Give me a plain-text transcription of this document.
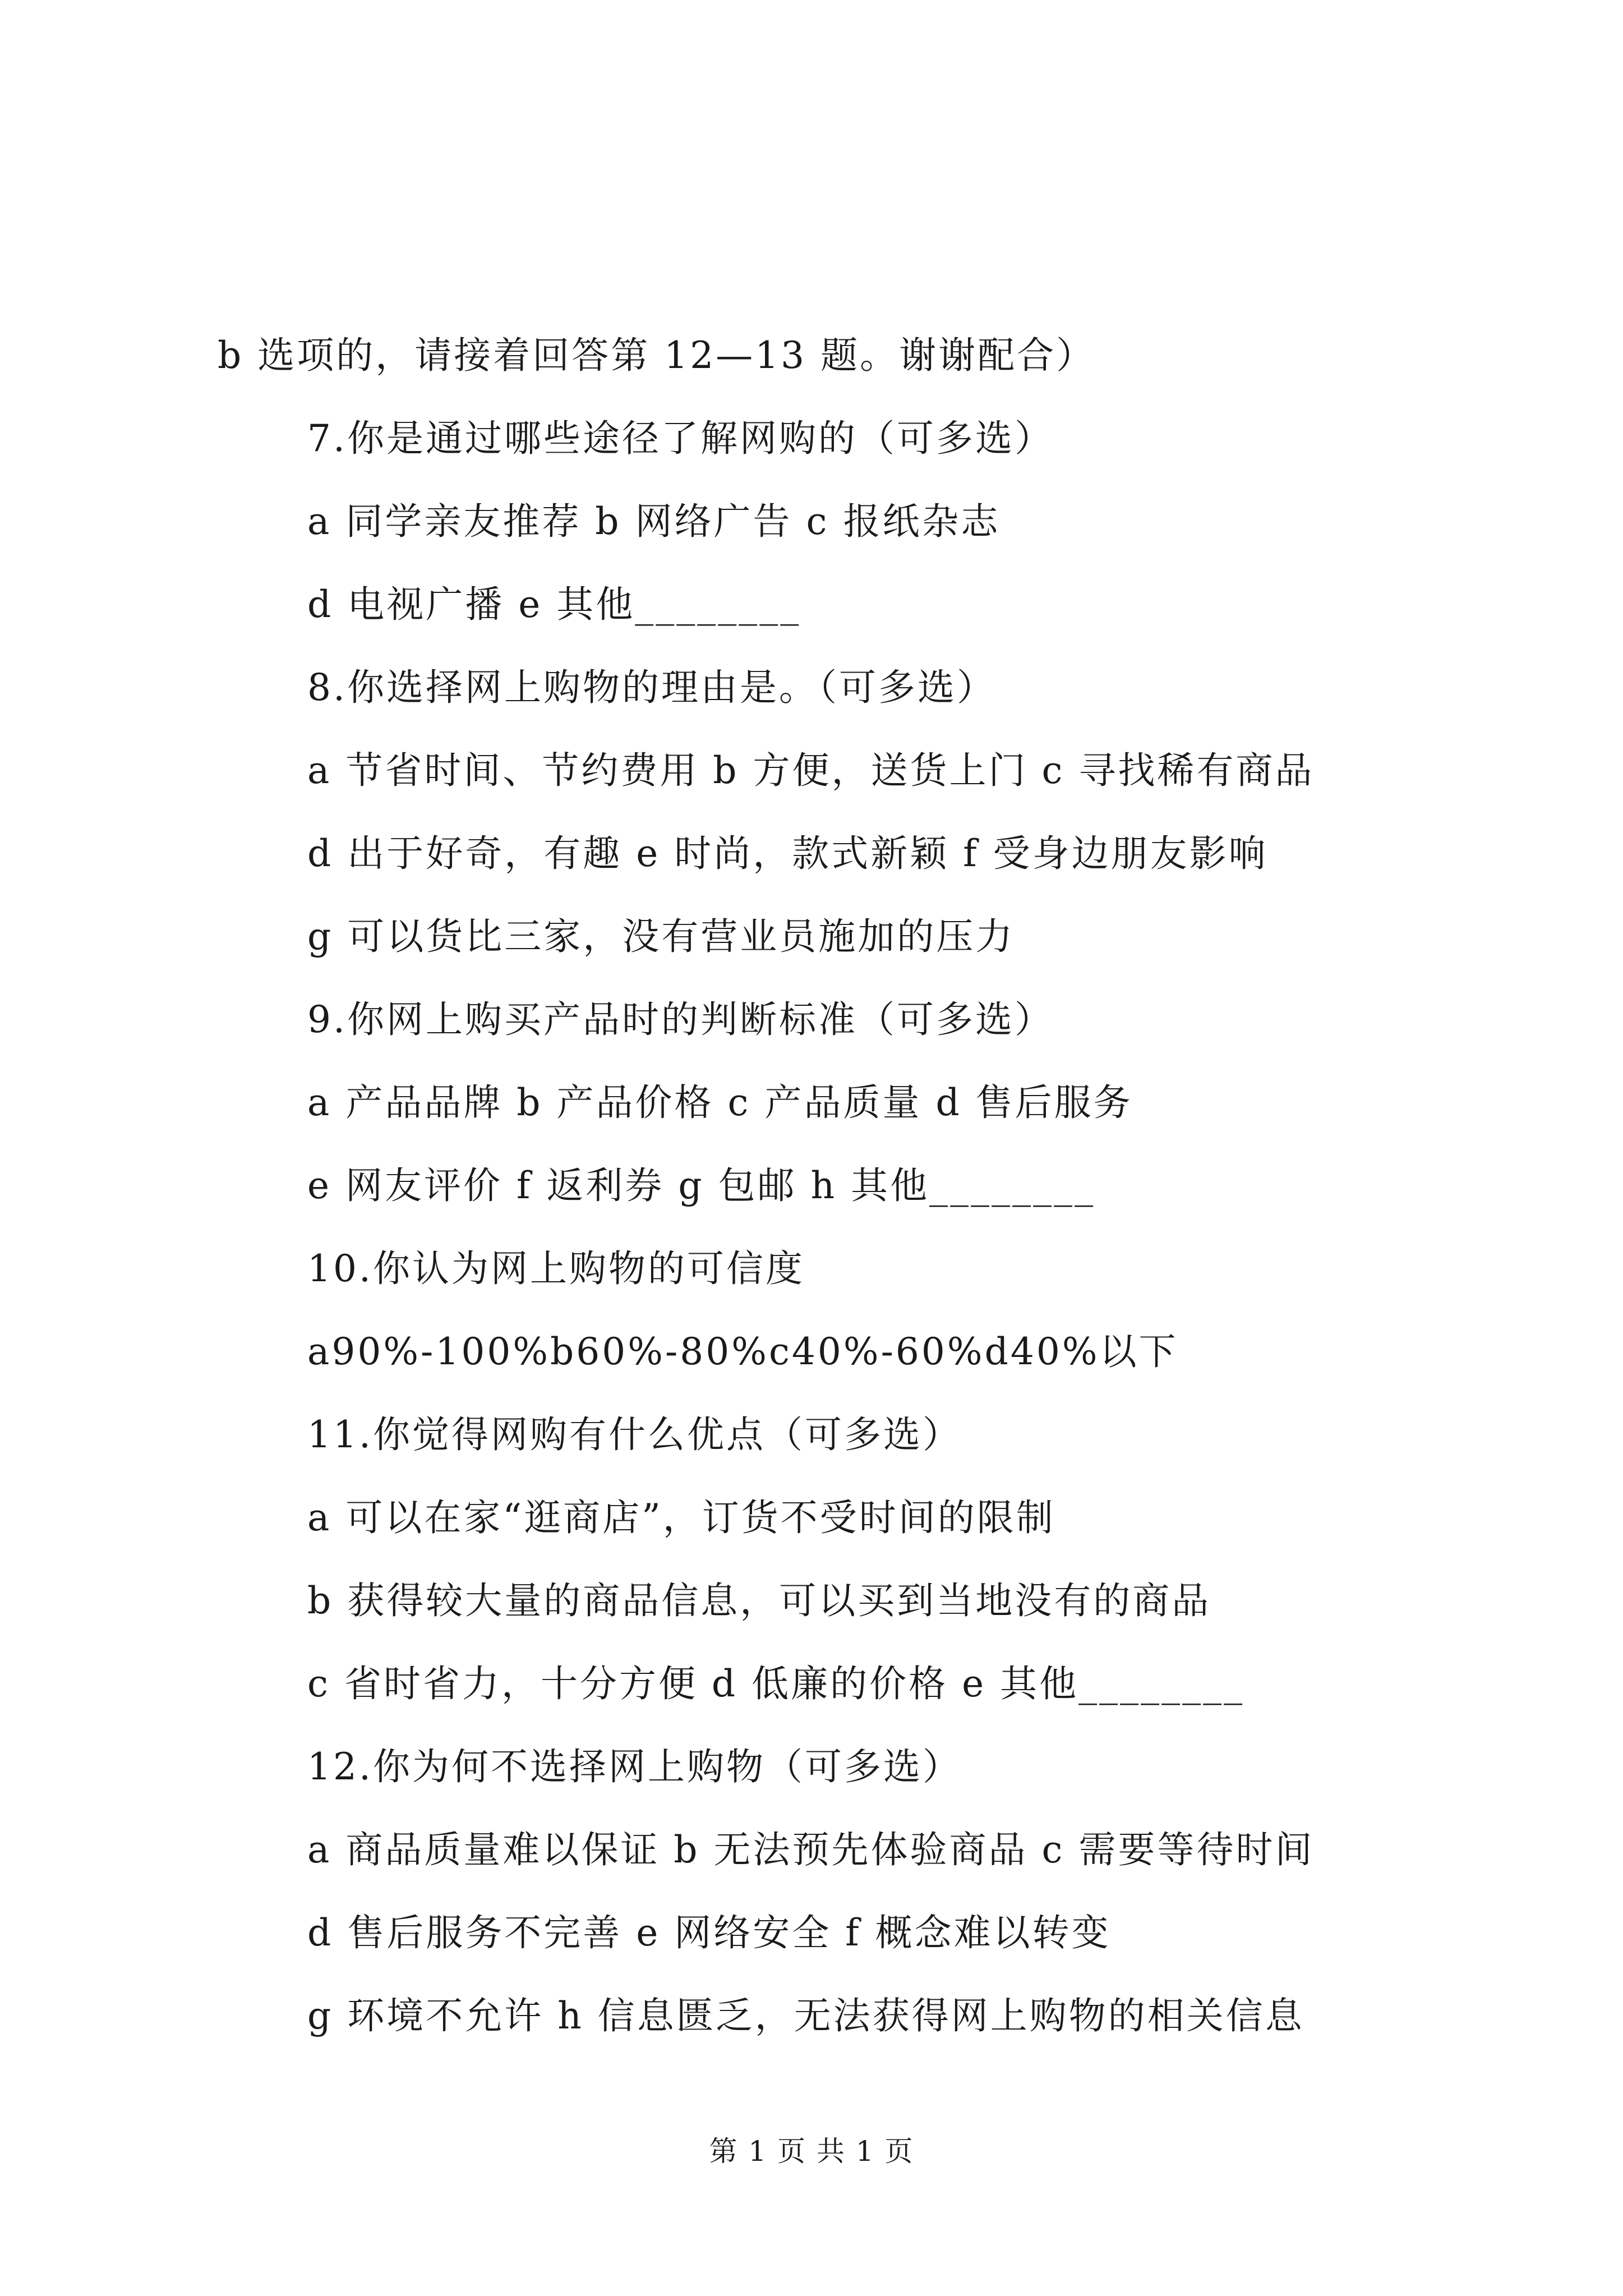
b 选项的，请接着回答第 12—13 题。谢谢配合）
7.你是通过哪些途径了解网购的（可多选）
a 同学亲友推荐 b 网络广告 c 报纸杂志
d 电视广播 e 其他________
8.你选择网上购物的理由是。（可多选）
a 节省时间、节约费用 b 方便，送货上门 c 寻找稀有商品
d 出于好奇，有趣 e 时尚，款式新颖 f 受身边朋友影响
g 可以货比三家，没有营业员施加的压力
9.你网上购买产品时的判断标准（可多选）
a 产品品牌 b 产品价格 c 产品质量 d 售后服务
e 网友评价 f 返利券 g 包邮 h 其他________
10.你认为网上购物的可信度
a90%-100%b60%-80%c40%-60%d40%以下
11.你觉得网购有什么优点（可多选）
a 可以在家“逛商店”，订货不受时间的限制
b 获得较大量的商品信息，可以买到当地没有的商品
c 省时省力，十分方便 d 低廉的价格 e 其他________
12.你为何不选择网上购物（可多选）
a 商品质量难以保证 b 无法预先体验商品 c 需要等待时间
d 售后服务不完善 e 网络安全 f 概念难以转变
g 环境不允许 h 信息匮乏，无法获得网上购物的相关信息
第 1 页 共 1 页
